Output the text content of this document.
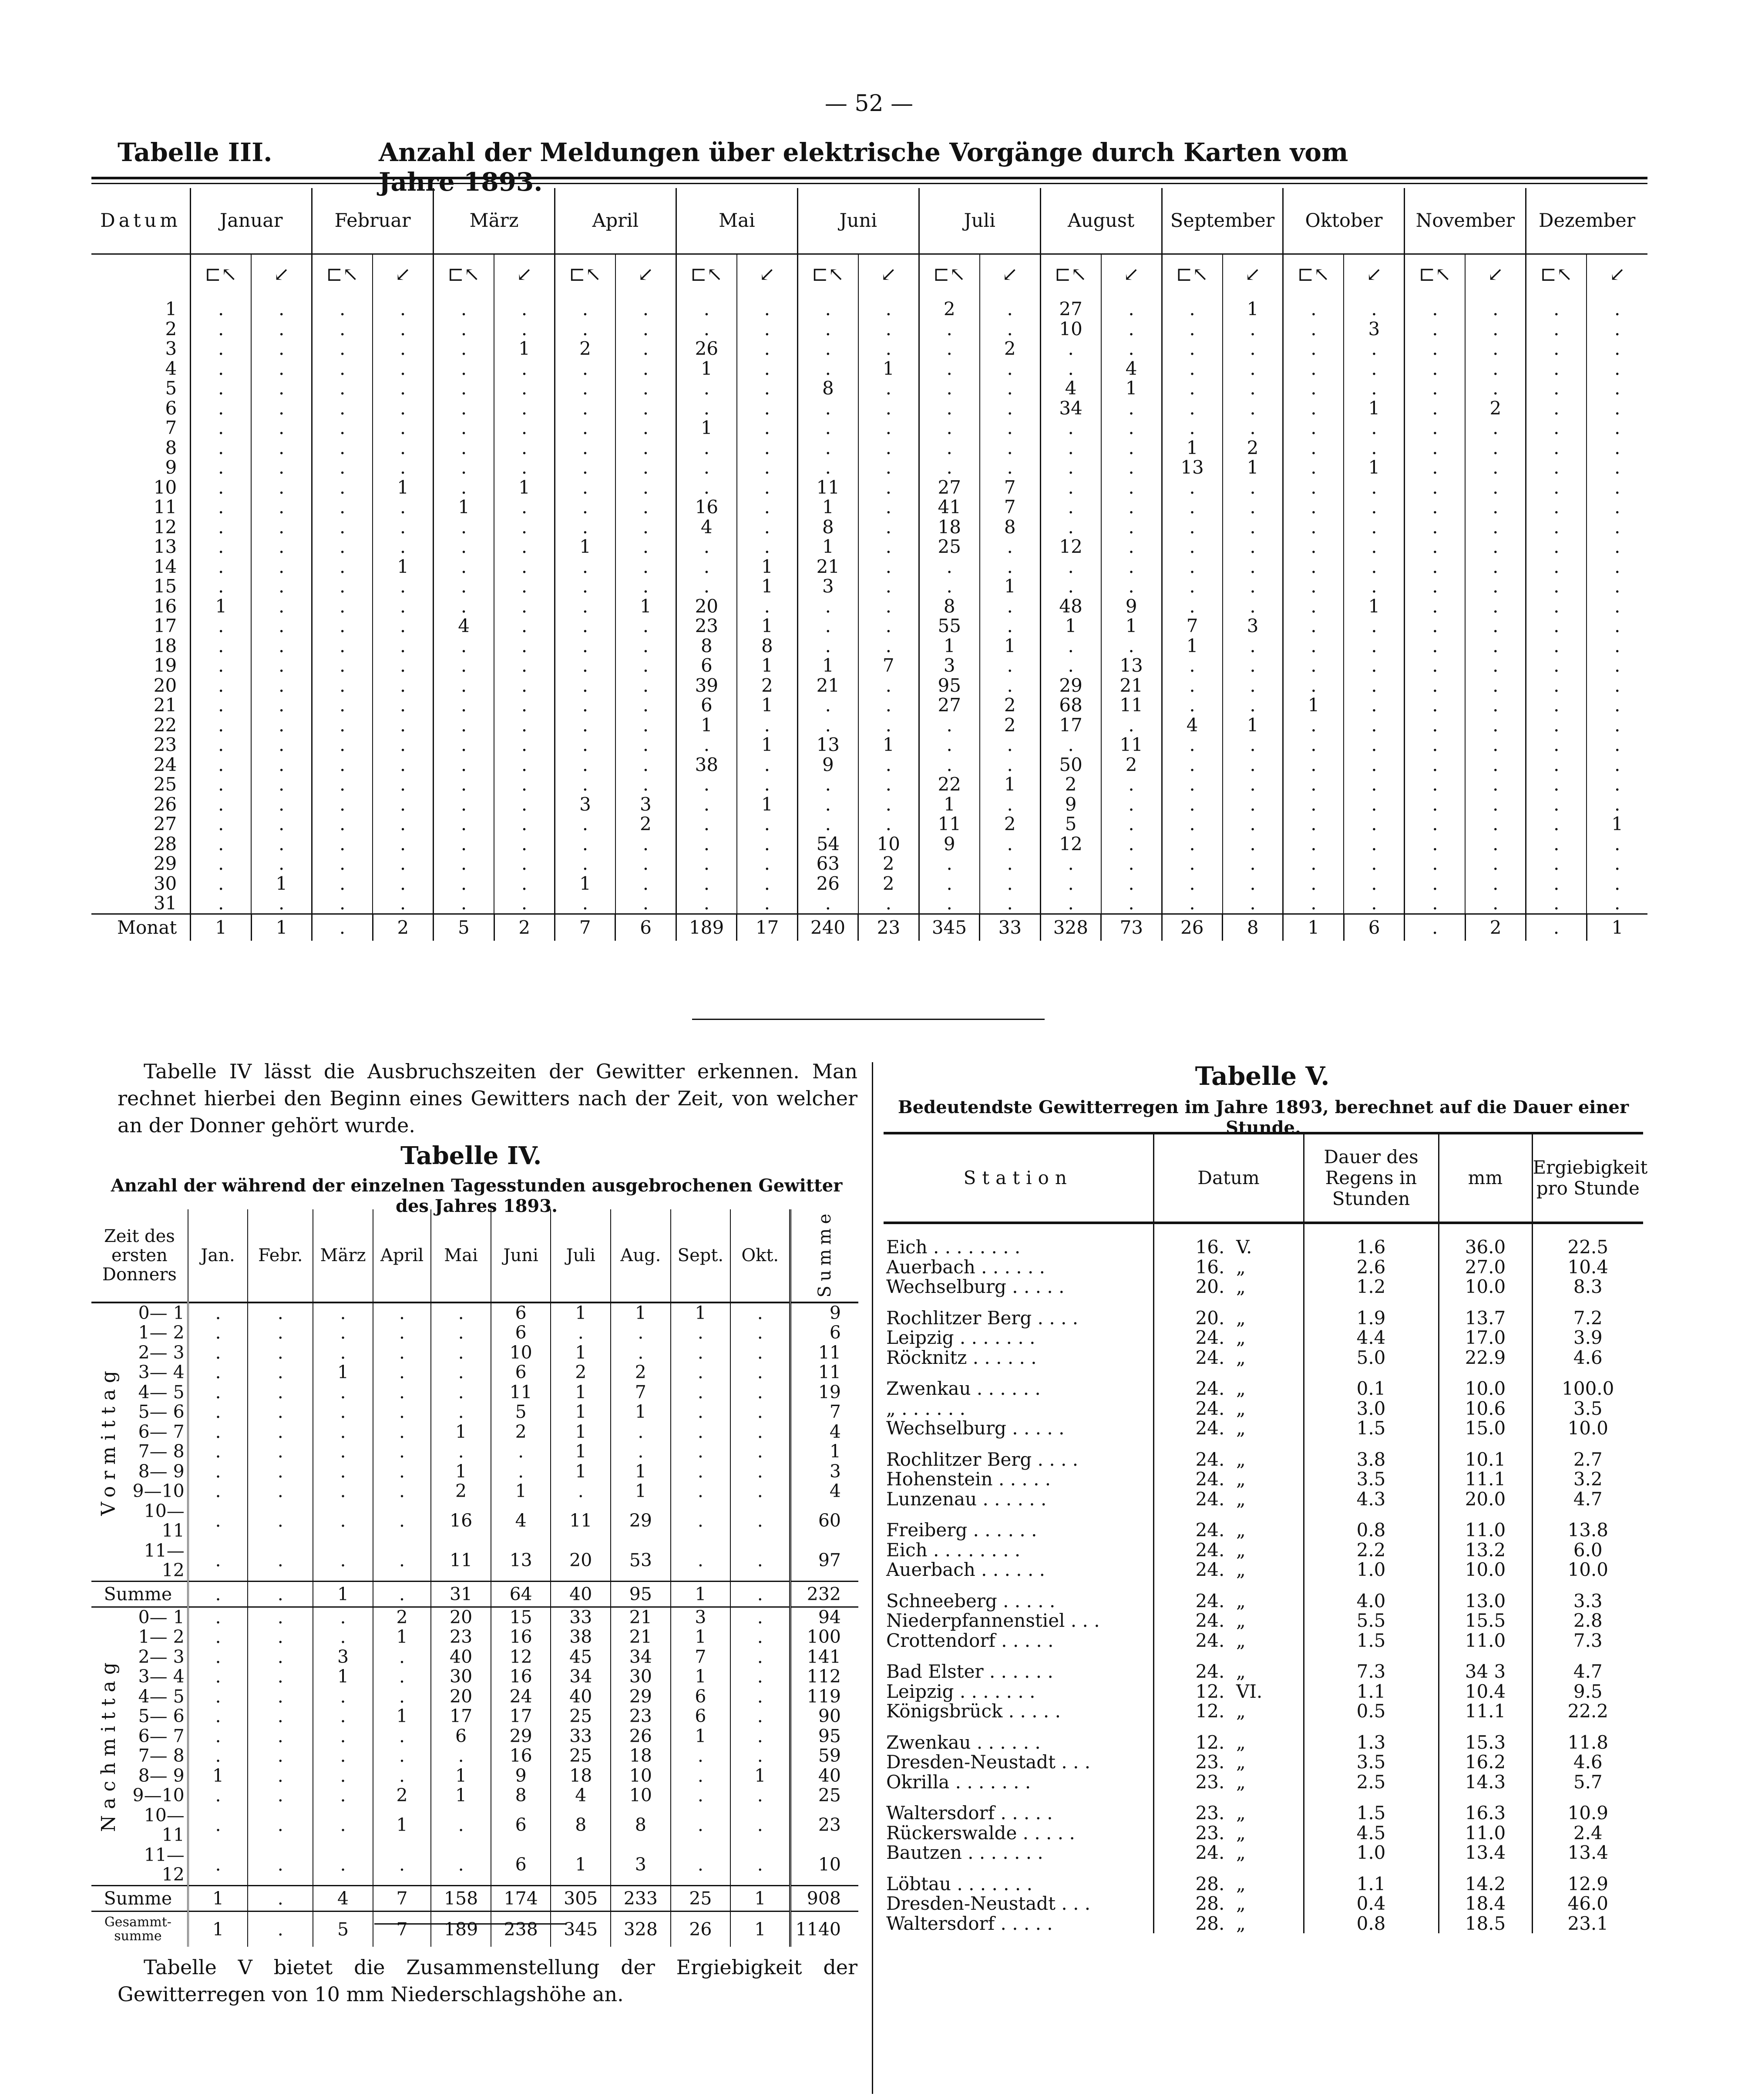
— 52 —
Tabelle III.	Anzahl der Meldungen über elektrische Vorgänge durch Karten vom Jahre 1893.
Datum	Januar		Februar		März		April		Mai		Juni		Juli		August		September		Oktober		November		Dezember	
	⊏↖	↙	⊏↖	↙	⊏↖	↙	⊏↖	↙	⊏↖	↙	⊏↖	↙	⊏↖	↙	⊏↖	↙	⊏↖	↙	⊏↖	↙	⊏↖	↙	⊏↖	↙
1	.	.	.	.	.	.	.	.	.	.	.	.	2	.	27	.	.	1	.	.	.	.	.	.
2	.	.	.	.	.	.	.	.	.	.	.	.	.	.	10	.	.	.	.	3	.	.	.	.
3	.	.	.	.	.	1	2	.	26	.	.	.	.	2	.	.	.	.	.	.	.	.	.	.
4	.	.	.	.	.	.	.	.	1	.	.	1	.	.	.	4	.	.	.	.	.	.	.	.
5	.	.	.	.	.	.	.	.	.	.	8	.	.	.	4	1	.	.	.	.	.	.	.	.
6	.	.	.	.	.	.	.	.	.	.	.	.	.	.	34	.	.	.	.	1	.	2	.	.
7	.	.	.	.	.	.	.	.	1	.	.	.	.	.	.	.	.	.	.	.	.	.	.	.
8	.	.	.	.	.	.	.	.	.	.	.	.	.	.	.	.	1	2	.	.	.	.	.	.
9	.	.	.	.	.	.	.	.	.	.	.	.	.	.	.	.	13	1	.	1	.	.	.	.
10	.	.	.	1	.	1	.	.	.	.	11	.	27	7	.	.	.	.	.	.	.	.	.	.
11	.	.	.	.	1	.	.	.	16	.	1	.	41	7	.	.	.	.	.	.	.	.	.	.
12	.	.	.	.	.	.	.	.	4	.	8	.	18	8	.	.	.	.	.	.	.	.	.	.
13	.	.	.	.	.	.	1	.	.	.	1	.	25	.	12	.	.	.	.	.	.	.	.	.
14	.	.	.	1	.	.	.	.	.	1	21	.	.	.	.	.	.	.	.	.	.	.	.	.
15	.	.	.	.	.	.	.	.	.	1	3	.	.	1	.	.	.	.	.	.	.	.	.	.
16	1	.	.	.	.	.	.	1	20	.	.	.	8	.	48	9	.	.	.	1	.	.	.	.
17	.	.	.	.	4	.	.	.	23	1	.	.	55	.	1	1	7	3	.	.	.	.	.	.
18	.	.	.	.	.	.	.	.	8	8	.	.	1	1	.	.	1	.	.	.	.	.	.	.
19	.	.	.	.	.	.	.	.	6	1	1	7	3	.	.	13	.	.	.	.	.	.	.	.
20	.	.	.	.	.	.	.	.	39	2	21	.	95	.	29	21	.	.	.	.	.	.	.	.
21	.	.	.	.	.	.	.	.	6	1	.	.	27	2	68	11	.	.	1	.	.	.	.	.
22	.	.	.	.	.	.	.	.	1	.	.	.	.	2	17	.	4	1	.	.	.	.	.	.
23	.	.	.	.	.	.	.	.	.	1	13	1	.	.	.	11	.	.	.	.	.	.	.	.
24	.	.	.	.	.	.	.	.	38	.	9	.	.	.	50	2	.	.	.	.	.	.	.	.
25	.	.	.	.	.	.	.	.	.	.	.	.	22	1	2	.	.	.	.	.	.	.	.	.
26	.	.	.	.	.	.	3	3	.	1	.	.	1	.	9	.	.	.	.	.	.	.	.	.
27	.	.	.	.	.	.	.	2	.	.	.	.	11	2	5	.	.	.	.	.	.	.	.	1
28	.	.	.	.	.	.	.	.	.	.	54	10	9	.	12	.	.	.	.	.	.	.	.	.
29	.	.	.	.	.	.	.	.	.	.	63	2	.	.	.	.	.	.	.	.	.	.	.	.
30	.	1	.	.	.	.	1	.	.	.	26	2	.	.	.	.	.	.	.	.	.	.	.	.
31	.	.	.	.	.	.	.	.	.	.	.	.	.	.	.	.	.	.	.	.	.	.	.	.
Monat	1	1	.	2	5	2	7	6	189	17	240	23	345	33	328	73	26	8	1	6	.	2	.	1
Tabelle IV lässt die Ausbruchszeiten der Gewitter erkennen. Man rechnet hierbei den Beginn eines Gewitters nach der Zeit, von welcher an der Donner gehört wurde.
Tabelle IV.
Anzahl der während der einzelnen Tagesstunden ausgebrochenen Gewitter des Jahres 1893.
Zeit des ersten Donners		Jan.	Febr.	März	April	Mai	Juni	Juli	Aug.	Sept.	Okt.	Summe
Vormittag	0— 1	.	.	.	.	.	6	1	1	1	.	9
	1— 2	.	.	.	.	.	6	.	.	.	.	6
	2— 3	.	.	.	.	.	10	1	.	.	.	11
	3— 4	.	.	1	.	.	6	2	2	.	.	11
	4— 5	.	.	.	.	.	11	1	7	.	.	19
	5— 6	.	.	.	.	.	5	1	1	.	.	7
	6— 7	.	.	.	.	1	2	1	.	.	.	4
	7— 8	.	.	.	.	.	.	1	.	.	.	1
	8— 9	.	.	.	.	1	.	1	1	.	.	3
	9—10	.	.	.	.	2	1	.	1	.	.	4
	10—11	.	.	.	.	16	4	11	29	.	.	60
	11—12	.	.	.	.	11	13	20	53	.	.	97
Summe		.	.	1	.	31	64	40	95	1	.	232
Nachmittag	0— 1	.	.	.	2	20	15	33	21	3	.	94
	1— 2	.	.	.	1	23	16	38	21	1	.	100
	2— 3	.	.	3	.	40	12	45	34	7	.	141
	3— 4	.	.	1	.	30	16	34	30	1	.	112
	4— 5	.	.	.	.	20	24	40	29	6	.	119
	5— 6	.	.	.	1	17	17	25	23	6	.	90
	6— 7	.	.	.	.	6	29	33	26	1	.	95
	7— 8	.	.	.	.	.	16	25	18	.	.	59
	8— 9	1	.	.	.	1	9	18	10	.	1	40
	9—10	.	.	.	2	1	8	4	10	.	.	25
	10—11	.	.	.	1	.	6	8	8	.	.	23
	11—12	.	.	.	.	.	6	1	3	.	.	10
Summe		1	.	4	7	158	174	305	233	25	1	908
Gesammt-summe		1	.	5	7	189	238	345	328	26	1	1140
Tabelle V bietet die Zusammenstellung der Ergiebigkeit der Gewitterregen von 10 mm Niederschlagshöhe an.
Tabelle V.
Bedeutendste Gewitterregen im Jahre 1893, berechnet auf die Dauer einer Stunde.
Station	Datum	Dauer des Regens in Stunden	mm	Ergiebigkeit pro Stunde
Eich . . . . . . . .	16.  V.	1.6	36.0	22.5
Auerbach . . . . . .	16.  „	2.6	27.0	10.4
Wechselburg . . . . .	20.  „	1.2	10.0	8.3

Rochlitzer Berg . . . .	20.  „	1.9	13.7	7.2
Leipzig . . . . . . .	24.  „	4.4	17.0	3.9
Röcknitz . . . . . .	24.  „	5.0	22.9	4.6

Zwenkau . . . . . .	24.  „	0.1	10.0	100.0
„ . . . . . .	24.  „	3.0	10.6	3.5
Wechselburg . . . . .	24.  „	1.5	15.0	10.0

Rochlitzer Berg . . . .	24.  „	3.8	10.1	2.7
Hohenstein . . . . .	24.  „	3.5	11.1	3.2
Lunzenau . . . . . .	24.  „	4.3	20.0	4.7

Freiberg . . . . . .	24.  „	0.8	11.0	13.8
Eich . . . . . . . .	24.  „	2.2	13.2	6.0
Auerbach . . . . . .	24.  „	1.0	10.0	10.0

Schneeberg . . . . .	24.  „	4.0	13.0	3.3
Niederpfannenstiel . . .	24.  „	5.5	15.5	2.8
Crottendorf . . . . .	24.  „	1.5	11.0	7.3

Bad Elster . . . . . .	24.  „	7.3	34 3	4.7
Leipzig . . . . . . .	12.  VI.	1.1	10.4	9.5
Königsbrück . . . . .	12.  „	0.5	11.1	22.2

Zwenkau . . . . . .	12.  „	1.3	15.3	11.8
Dresden-Neustadt . . .	23.  „	3.5	16.2	4.6
Okrilla . . . . . . .	23.  „	2.5	14.3	5.7

Waltersdorf . . . . .	23.  „	1.5	16.3	10.9
Rückerswalde . . . . .	23.  „	4.5	11.0	2.4
Bautzen . . . . . . .	24.  „	1.0	13.4	13.4

Löbtau . . . . . . .	28.  „	1.1	14.2	12.9
Dresden-Neustadt . . .	28.  „	0.4	18.4	46.0
Waltersdorf . . . . .	28.  „	0.8	18.5	23.1
